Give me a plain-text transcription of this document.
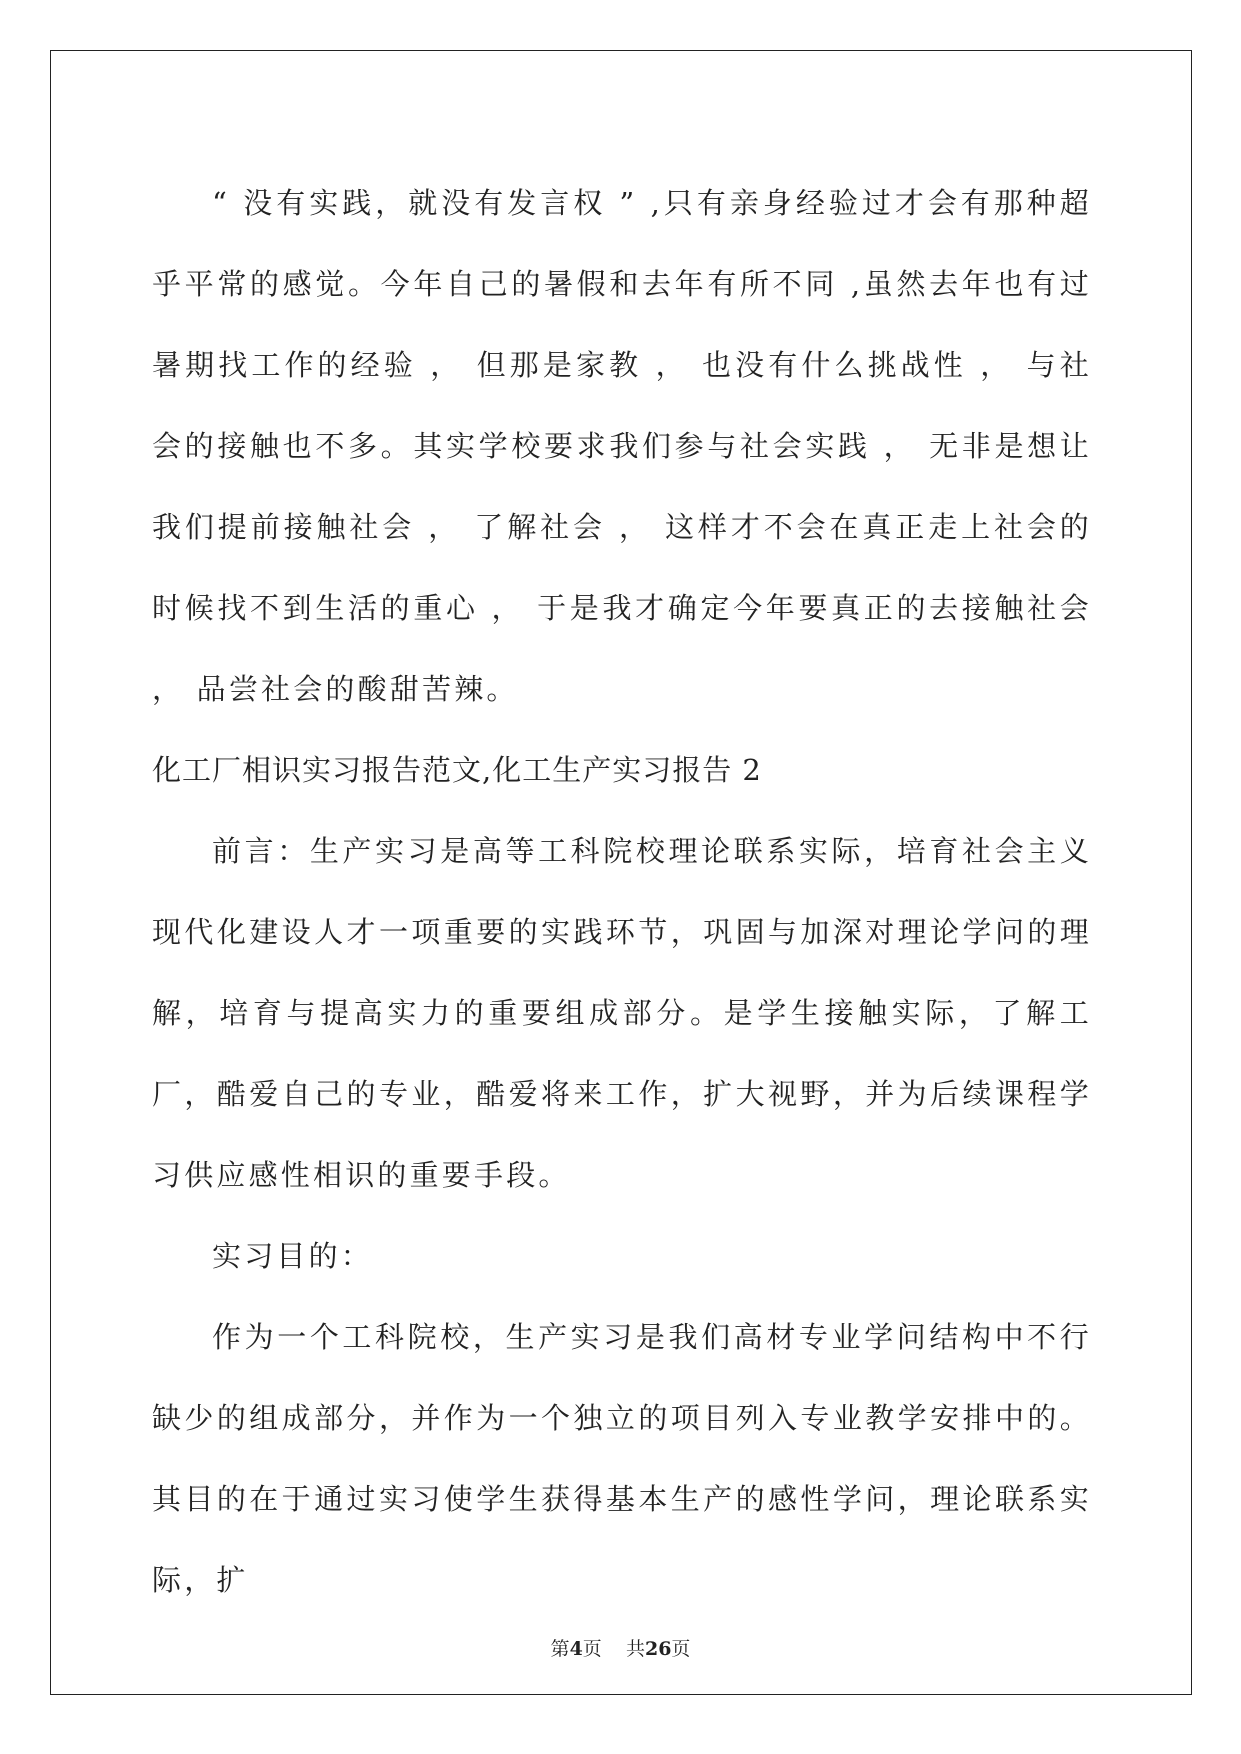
“ 没有实践，就没有发言权 ” ,只有亲身经验过才会有那种超乎平常的感觉。今年自己的暑假和去年有所不同 ,虽然去年也有过暑期找工作的经验 ， 但那是家教 ， 也没有什么挑战性 ， 与社会的接触也不多。其实学校要求我们参与社会实践 ， 无非是想让我们提前接触社会 ， 了解社会 ， 这样才不会在真正走上社会的时候找不到生活的重心 ， 于是我才确定今年要真正的去接触社会 ， 品尝社会的酸甜苦辣。

化工厂相识实习报告范文,化工生产实习报告 2

前言：生产实习是高等工科院校理论联系实际，培育社会主义现代化建设人才一项重要的实践环节，巩固与加深对理论学问的理解，培育与提高实力的重要组成部分。是学生接触实际，了解工厂，酷爱自己的专业，酷爱将来工作，扩大视野，并为后续课程学习供应感性相识的重要手段。

实习目的：

作为一个工科院校，生产实习是我们高材专业学问结构中不行缺少的组成部分，并作为一个独立的项目列入专业教学安排中的。其目的在于通过实习使学生获得基本生产的感性学问，理论联系实际，扩

第4页    共26页
